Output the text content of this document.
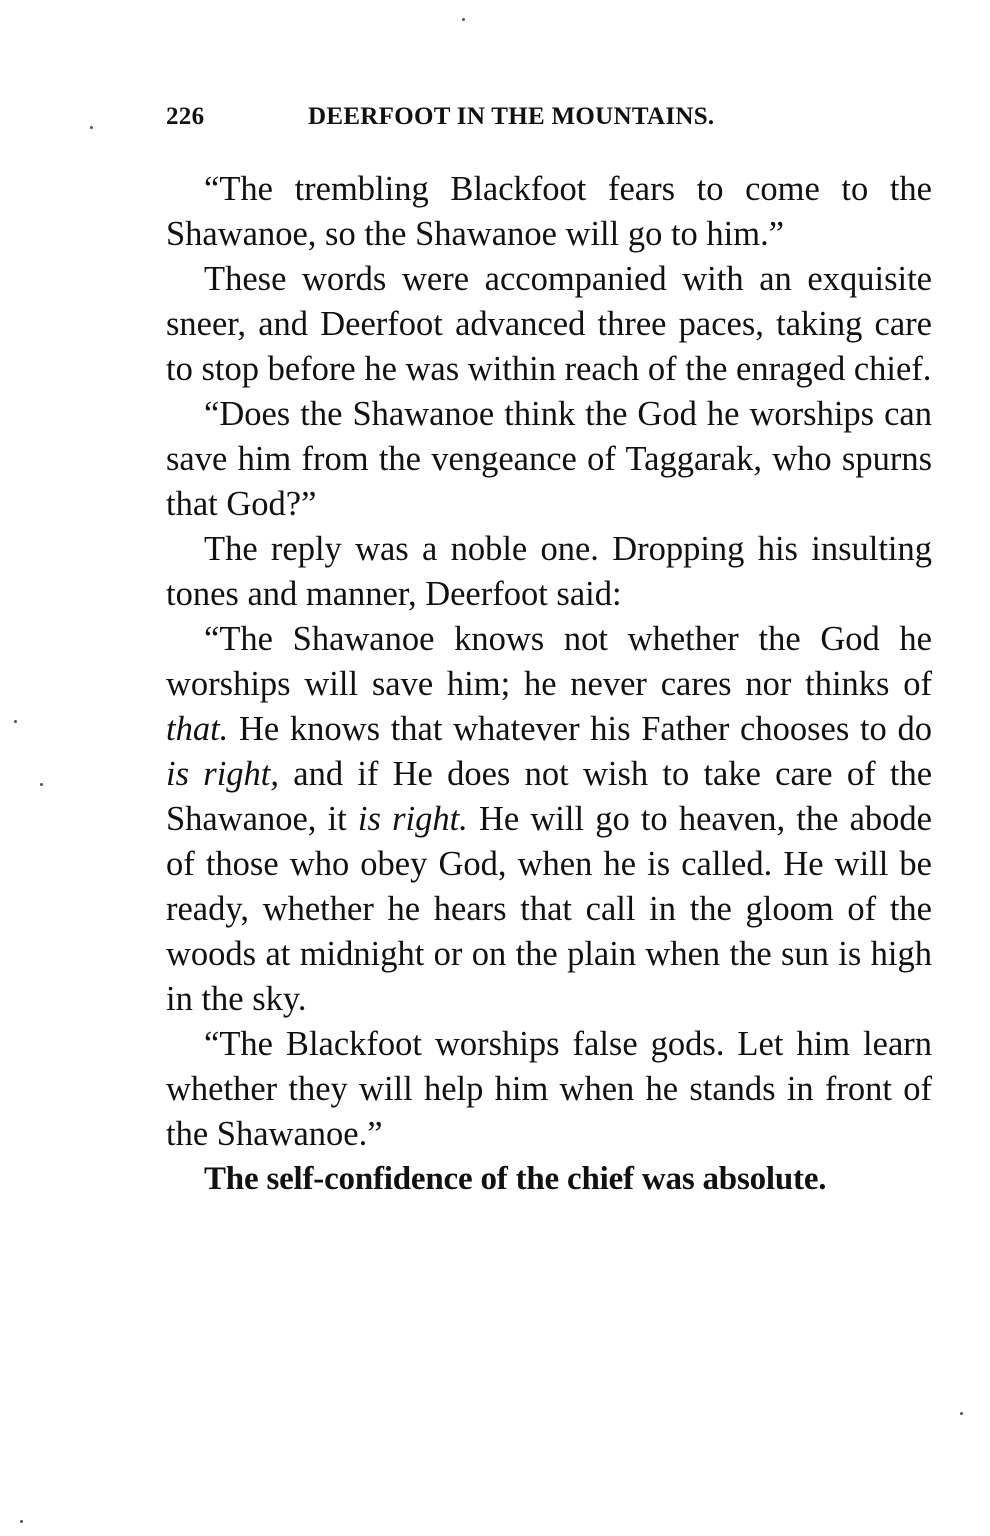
226	DEERFOOT IN THE MOUNTAINS.

“The trembling Blackfoot fears to come to the Shawanoe, so the Shawanoe will go to him.”

These words were accompanied with an exquisite sneer, and Deerfoot advanced three paces, taking care to stop before he was within reach of the enraged chief.

“Does the Shawanoe think the God he worships can save him from the vengeance of Taggarak, who spurns that God?”

The reply was a noble one. Dropping his insulting tones and manner, Deerfoot said:

“The Shawanoe knows not whether the God he worships will save him; he never cares nor thinks of that. He knows that whatever his Father chooses to do is right, and if He does not wish to take care of the Shawanoe, it is right. He will go to heaven, the abode of those who obey God, when he is called. He will be ready, whether he hears that call in the gloom of the woods at midnight or on the plain when the sun is high in the sky.

“The Blackfoot worships false gods. Let him learn whether they will help him when he stands in front of the Shawanoe.”

The self-confidence of the chief was absolute.
